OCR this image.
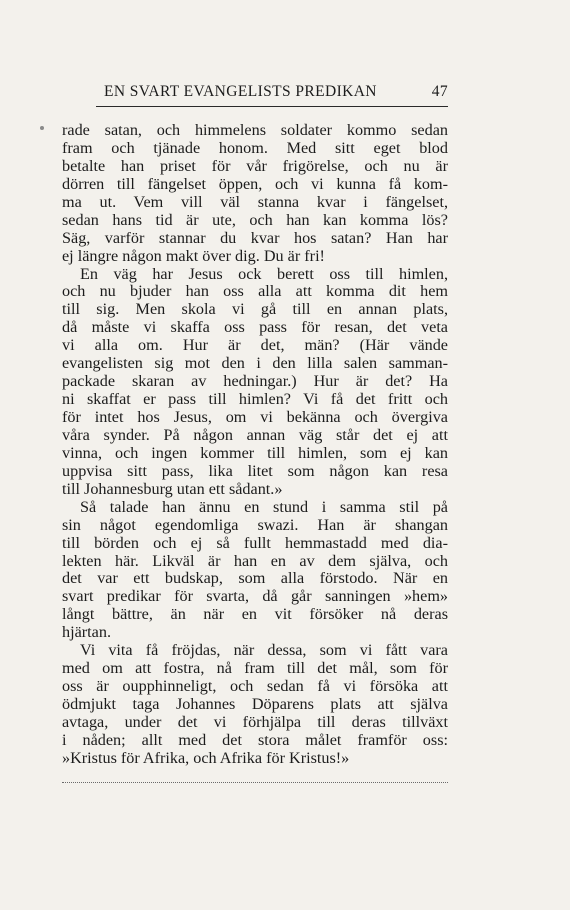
EN SVART EVANGELISTS PREDIKAN	47
rade satan, och himmelens soldater kommo sedan
fram och tjänade honom. Med sitt eget blod
betalte han priset för vår frigörelse, och nu är
dörren till fängelset öppen, och vi kunna få kom-
ma ut. Vem vill väl stanna kvar i fängelset,
sedan hans tid är ute, och han kan komma lös?
Säg, varför stannar du kvar hos satan? Han har
ej längre någon makt över dig. Du är fri!
En väg har Jesus ock berett oss till himlen,
och nu bjuder han oss alla att komma dit hem
till sig. Men skola vi gå till en annan plats,
då måste vi skaffa oss pass för resan, det veta
vi alla om. Hur är det, män? (Här vände
evangelisten sig mot den i den lilla salen samman-
packade skaran av hedningar.) Hur är det? Ha
ni skaffat er pass till himlen? Vi få det fritt och
för intet hos Jesus, om vi bekänna och övergiva
våra synder. På någon annan väg står det ej att
vinna, och ingen kommer till himlen, som ej kan
uppvisa sitt pass, lika litet som någon kan resa
till Johannesburg utan ett sådant.»
Så talade han ännu en stund i samma stil på
sin något egendomliga swazi. Han är shangan
till börden och ej så fullt hemmastadd med dia-
lekten här. Likväl är han en av dem själva, och
det var ett budskap, som alla förstodo. När en
svart predikar för svarta, då går sanningen »hem»
långt bättre, än när en vit försöker nå deras
hjärtan.
Vi vita få fröjdas, när dessa, som vi fått vara
med om att fostra, nå fram till det mål, som för
oss är oupphinneligt, och sedan få vi försöka att
ödmjukt taga Johannes Döparens plats att själva
avtaga, under det vi förhjälpa till deras tillväxt
i nåden; allt med det stora målet framför oss:
»Kristus för Afrika, och Afrika för Kristus!»
